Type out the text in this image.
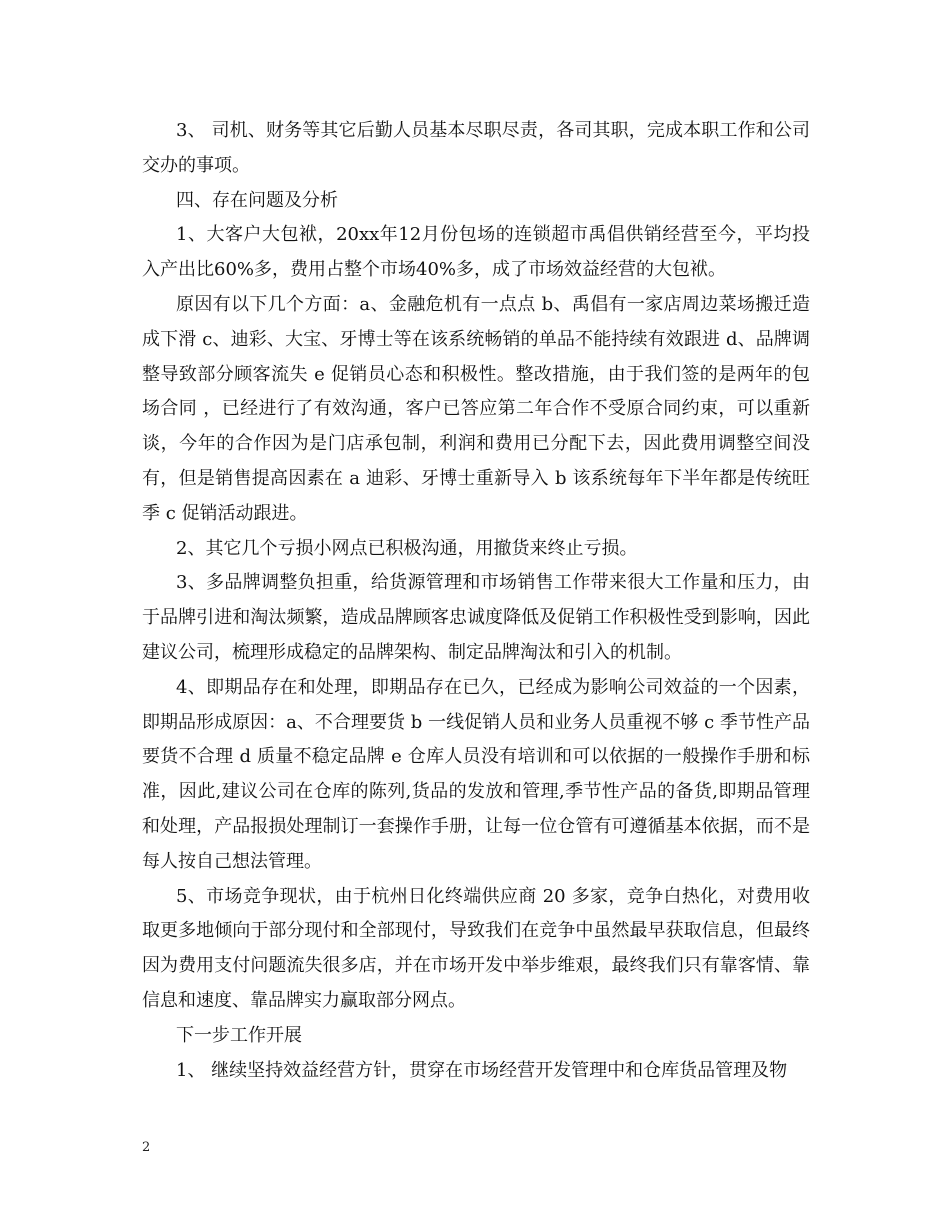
3、 司机、财务等其它后勤人员基本尽职尽责，各司其职，完成本职工作和公司交办的事项。

四、存在问题及分析

1、大客户大包袱，20xx年12月份包场的连锁超市禹倡供销经营至今，平均投入产出比60%多，费用占整个市场40%多，成了市场效益经营的大包袱。

原因有以下几个方面：a、金融危机有一点点 b、禹倡有一家店周边菜场搬迁造成下滑 c、迪彩、大宝、牙博士等在该系统畅销的单品不能持续有效跟进 d、品牌调整导致部分顾客流失 e 促销员心态和积极性。整改措施，由于我们签的是两年的包场合同 ，已经进行了有效沟通，客户已答应第二年合作不受原合同约束，可以重新谈，今年的合作因为是门店承包制，利润和费用已分配下去，因此费用调整空间没有，但是销售提高因素在 a 迪彩、牙博士重新导入 b 该系统每年下半年都是传统旺季 c 促销活动跟进。

2、其它几个亏损小网点已积极沟通，用撤货来终止亏损。

3、多品牌调整负担重，给货源管理和市场销售工作带来很大工作量和压力，由于品牌引进和淘汰频繁，造成品牌顾客忠诚度降低及促销工作积极性受到影响，因此建议公司，梳理形成稳定的品牌架构、制定品牌淘汰和引入的机制。

4、即期品存在和处理，即期品存在已久，已经成为影响公司效益的一个因素，即期品形成原因：a、不合理要货 b 一线促销人员和业务人员重视不够 c 季节性产品要货不合理 d 质量不稳定品牌 e 仓库人员没有培训和可以依据的一般操作手册和标准，因此,建议公司在仓库的陈列,货品的发放和管理,季节性产品的备货,即期品管理和处理，产品报损处理制订一套操作手册，让每一位仓管有可遵循基本依据，而不是每人按自己想法管理。

5、市场竞争现状，由于杭州日化终端供应商 20 多家，竞争白热化，对费用收取更多地倾向于部分现付和全部现付，导致我们在竞争中虽然最早获取信息，但最终因为费用支付问题流失很多店，并在市场开发中举步维艰，最终我们只有靠客情、靠信息和速度、靠品牌实力赢取部分网点。

下一步工作开展

1、 继续坚持效益经营方针，贯穿在市场经营开发管理中和仓库货品管理及物

2
